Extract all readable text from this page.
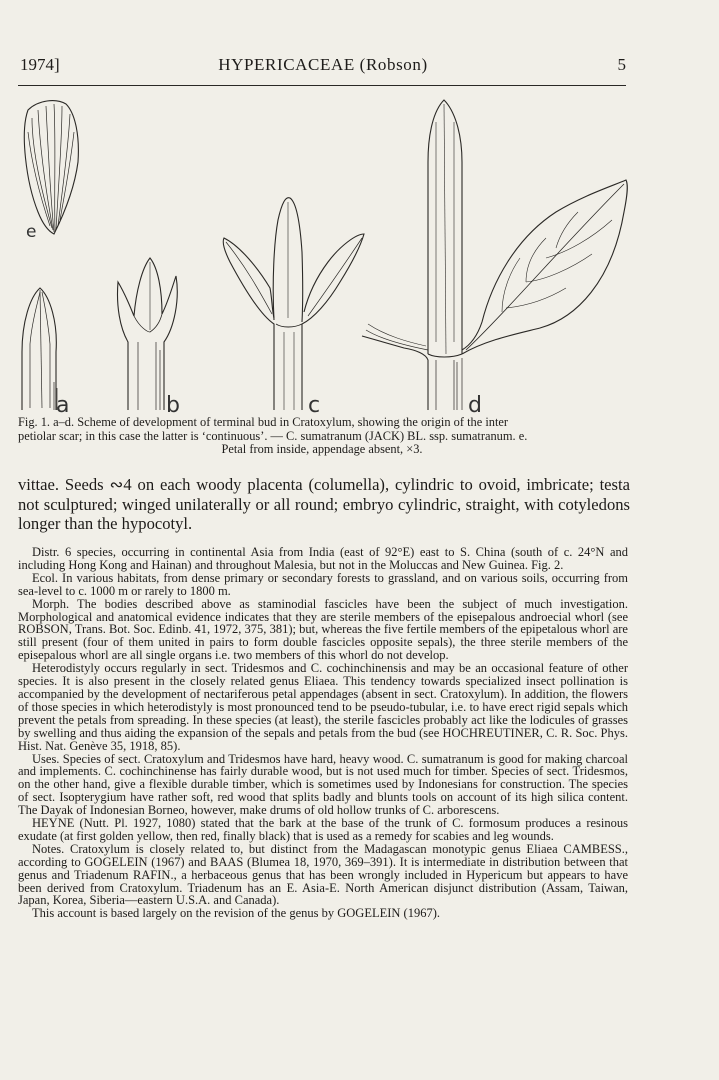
1974]	HYPERICACEAE (Robson)	5
e
a	b	c	d
Fig. 1. a–d. Scheme of development of terminal bud in Cratoxylum, showing the origin of the inter
petiolar scar; in this case the latter is ‘continuous’. — C. sumatranum (JACK) BL. ssp. sumatranum. e.
Petal from inside, appendage absent, ×3.
vittae. Seeds ∾4 on each woody placenta (columella), cylindric to ovoid, imbricate; testa not sculptured; winged unilaterally or all round; embryo cylindric, straight, with cotyledons longer than the hypocotyl.

Distr. 6 species, occurring in continental Asia from India (east of 92°E) east to S. China (south of c. 24°N and including Hong Kong and Hainan) and throughout Malesia, but not in the Moluccas and New Guinea. Fig. 2.

Ecol. In various habitats, from dense primary or secondary forests to grassland, and on various soils, occurring from sea-level to c. 1000 m or rarely to 1800 m.

Morph. The bodies described above as staminodial fascicles have been the subject of much investigation. Morphological and anatomical evidence indicates that they are sterile members of the episepalous androecial whorl (see ROBSON, Trans. Bot. Soc. Edinb. 41, 1972, 375, 381); but, whereas the five fertile members of the epipetalous whorl are still present (four of them united in pairs to form double fascicles opposite sepals), the three sterile members of the episepalous whorl are all single organs i.e. two members of this whorl do not develop.

Heterodistyly occurs regularly in sect. Tridesmos and C. cochinchinensis and may be an occasional feature of other species. It is also present in the closely related genus Eliaea. This tendency towards specialized insect pollination is accompanied by the development of nectariferous petal appendages (absent in sect. Cratoxylum). In addition, the flowers of those species in which heterodistyly is most pronounced tend to be pseudo-tubular, i.e. to have erect rigid sepals which prevent the petals from spreading. In these species (at least), the sterile fascicles probably act like the lodicules of grasses by swelling and thus aiding the expansion of the sepals and petals from the bud (see HOCHREUTINER, C. R. Soc. Phys. Hist. Nat. Genève 35, 1918, 85).

Uses. Species of sect. Cratoxylum and Tridesmos have hard, heavy wood. C. sumatranum is good for making charcoal and implements. C. cochinchinense has fairly durable wood, but is not used much for timber. Species of sect. Tridesmos, on the other hand, give a flexible durable timber, which is sometimes used by Indonesians for construction. The species of sect. Isopterygium have rather soft, red wood that splits badly and blunts tools on account of its high silica content. The Dayak of Indonesian Borneo, however, make drums of old hollow trunks of C. arborescens.

HEYNE (Nutt. Pl. 1927, 1080) stated that the bark at the base of the trunk of C. formosum produces a resinous exudate (at first golden yellow, then red, finally black) that is used as a remedy for scabies and leg wounds.

Notes. Cratoxylum is closely related to, but distinct from the Madagascan monotypic genus Eliaea CAMBESS., according to GOGELEIN (1967) and BAAS (Blumea 18, 1970, 369–391). It is intermediate in distribution between that genus and Triadenum RAFIN., a herbaceous genus that has been wrongly included in Hypericum but appears to have been derived from Cratoxylum. Triadenum has an E. Asia-E. North American disjunct distribution (Assam, Taiwan, Japan, Korea, Siberia—eastern U.S.A. and Canada).

This account is based largely on the revision of the genus by GOGELEIN (1967).
